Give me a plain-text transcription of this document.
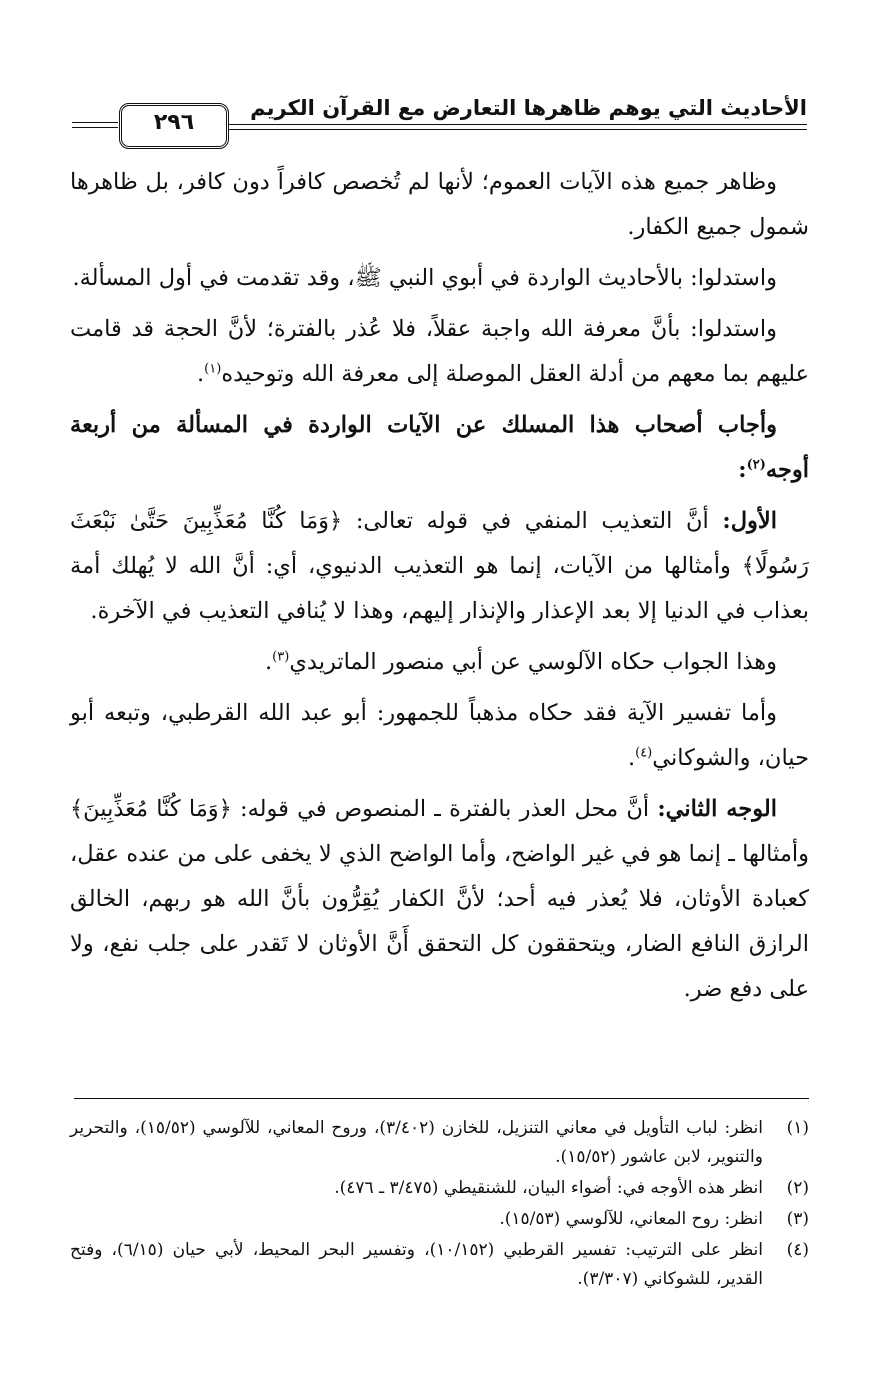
الأحاديث التي يوهم ظاهرها التعارض مع القرآن الكريم
٢٩٦

وظاهر جميع هذه الآيات العموم؛ لأنها لم تُخصص كافراً دون كافر، بل ظاهرها شمول جميع الكفار.

واستدلوا: بالأحاديث الواردة في أبوي النبي ﷺ، وقد تقدمت في أول المسألة.

واستدلوا: بأنَّ معرفة الله واجبة عقلاً، فلا عُذر بالفترة؛ لأنَّ الحجة قد قامت عليهم بما معهم من أدلة العقل الموصلة إلى معرفة الله وتوحيده$^{(١)}$.

وأجاب أصحاب هذا المسلك عن الآيات الواردة في المسألة من أربعة أوجه$^{(٢)}$:

الأول: أنَّ التعذيب المنفي في قوله تعالى: ﴿وَمَا كُنَّا مُعَذِّبِينَ حَتَّىٰ نَبْعَثَ رَسُولًا﴾ وأمثالها من الآيات، إنما هو التعذيب الدنيوي، أي: أنَّ الله لا يُهلك أمة بعذاب في الدنيا إلا بعد الإعذار والإنذار إليهم، وهذا لا يُنافي التعذيب في الآخرة.

وهذا الجواب حكاه الآلوسي عن أبي منصور الماتريدي$^{(٣)}$.

وأما تفسير الآية فقد حكاه مذهباً للجمهور: أبو عبد الله القرطبي، وتبعه أبو حيان، والشوكاني$^{(٤)}$.

الوجه الثاني: أنَّ محل العذر بالفترة ـ المنصوص في قوله: ﴿وَمَا كُنَّا مُعَذِّبِينَ﴾ وأمثالها ـ إنما هو في غير الواضح، وأما الواضح الذي لا يخفى على من عنده عقل، كعبادة الأوثان، فلا يُعذر فيه أحد؛ لأنَّ الكفار يُقِرُّون بأنَّ الله هو ربهم، الخالق الرازق النافع الضار، ويتحققون كل التحقق أَنَّ الأوثان لا تَقدر على جلب نفع، ولا على دفع ضر.

(١)
انظر: لباب التأويل في معاني التنزيل، للخازن (٣/٤٠٢)، وروح المعاني، للآلوسي (١٥/٥٢)، والتحرير والتنوير، لابن عاشور (١٥/٥٢).
(٢)
انظر هذه الأوجه في: أضواء البيان، للشنقيطي (٣/٤٧٥ ـ ٤٧٦).
(٣)
انظر: روح المعاني، للآلوسي (١٥/٥٣).
(٤)
انظر على الترتيب: تفسير القرطبي (١٠/١٥٢)، وتفسير البحر المحيط، لأبي حيان (٦/١٥)، وفتح القدير، للشوكاني (٣/٣٠٧).
